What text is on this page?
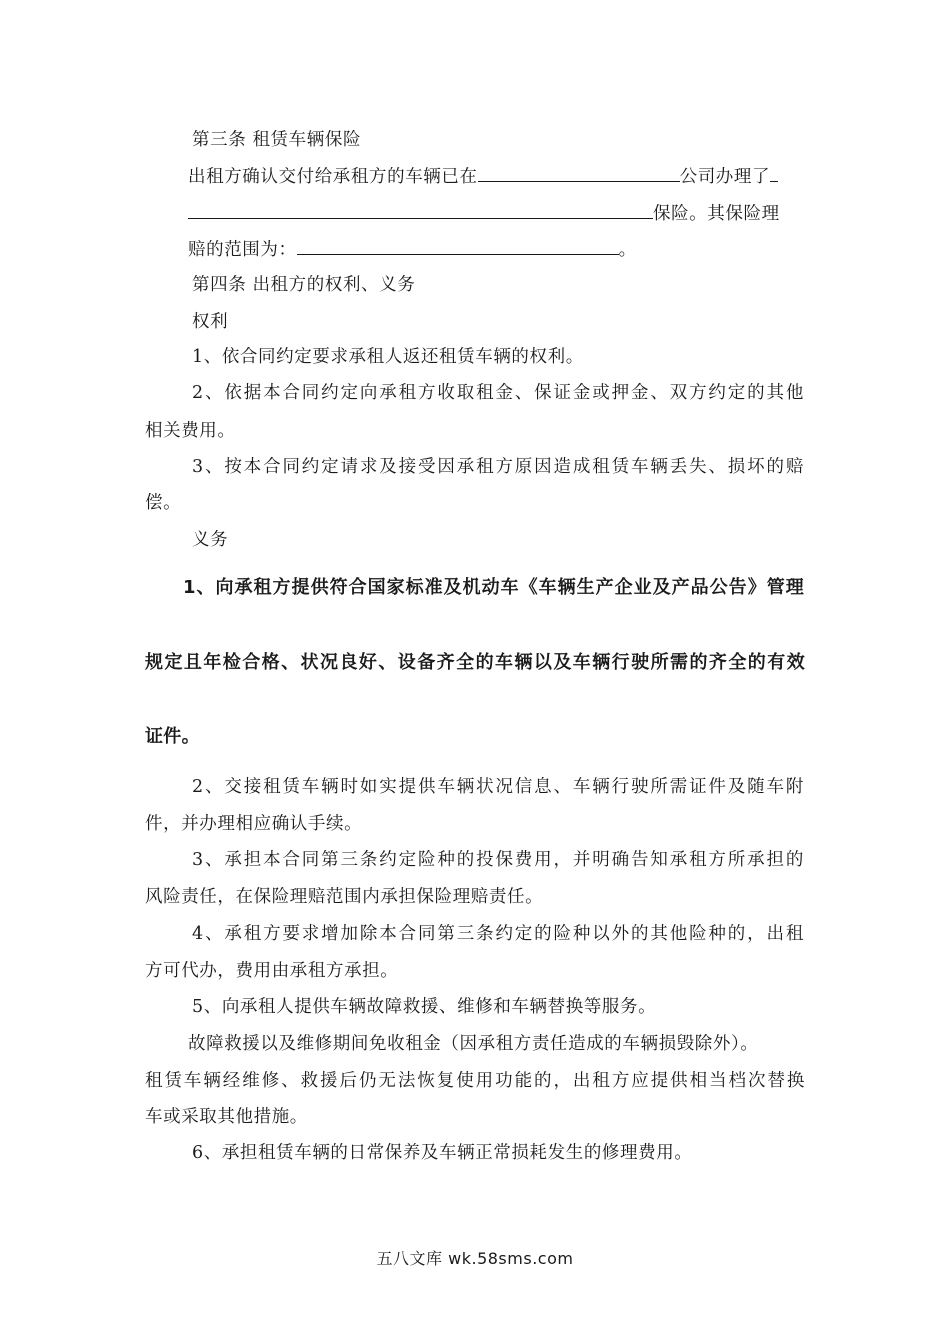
第三条 租赁车辆保险
出租方确认交付给承租方的车辆已在	公司办理了
保险。其保险理
赔的范围为：	。
第四条 出租方的权利、义务
权利
1、依合同约定要求承租人返还租赁车辆的权利。
2、依据本合同约定向承租方收取租金、保证金或押金、双方约定的其他
相关费用。
3、按本合同约定请求及接受因承租方原因造成租赁车辆丢失、损坏的赔
偿。
义务
1、向承租方提供符合国家标准及机动车《车辆生产企业及产品公告》管理
规定且年检合格、状况良好、设备齐全的车辆以及车辆行驶所需的齐全的有效
证件。
2、交接租赁车辆时如实提供车辆状况信息、车辆行驶所需证件及随车附
件，并办理相应确认手续。
3、承担本合同第三条约定险种的投保费用，并明确告知承租方所承担的
风险责任，在保险理赔范围内承担保险理赔责任。
4、承租方要求增加除本合同第三条约定的险种以外的其他险种的，出租
方可代办，费用由承租方承担。
5、向承租人提供车辆故障救援、维修和车辆替换等服务。
故障救援以及维修期间免收租金（因承租方责任造成的车辆损毁除外）。
租赁车辆经维修、救援后仍无法恢复使用功能的，出租方应提供相当档次替换
车或采取其他措施。
6、承担租赁车辆的日常保养及车辆正常损耗发生的修理费用。
五八文库 wk.58sms.com
